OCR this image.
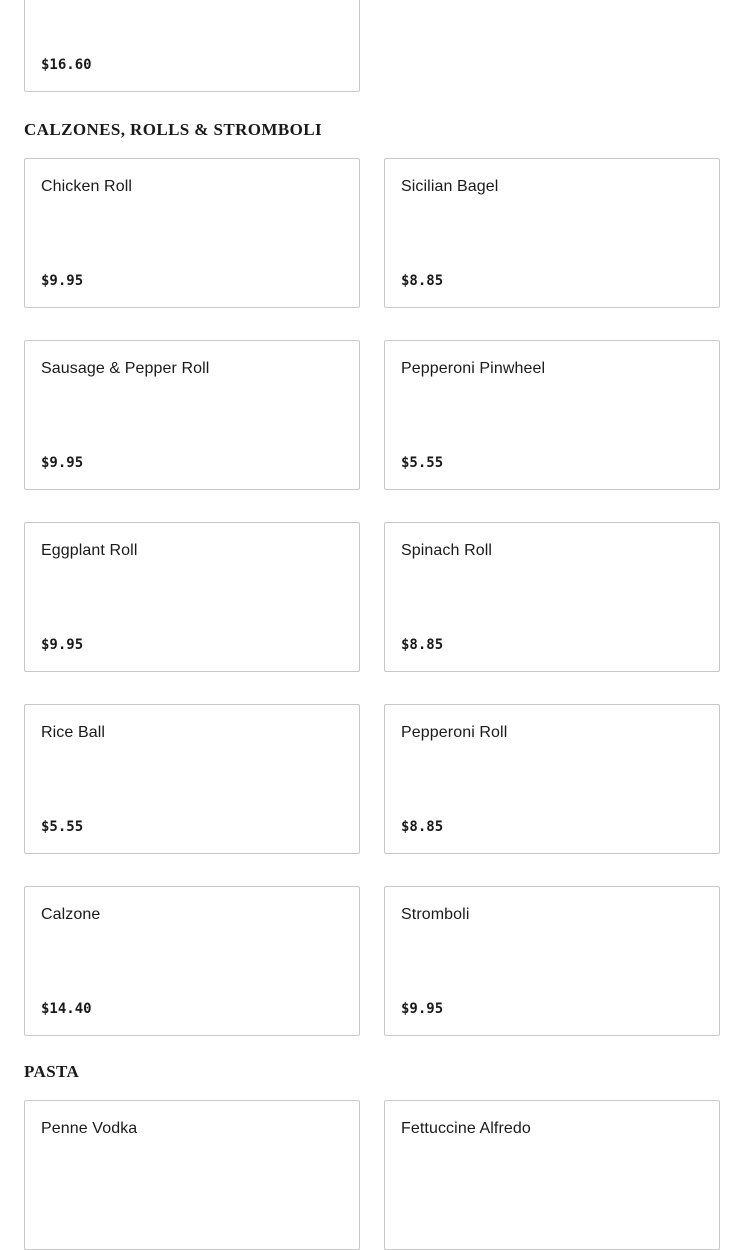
$16.60
CALZONES, ROLLS & STROMBOLI
Chicken Roll
$9.95
Sicilian Bagel
$8.85
Sausage & Pepper Roll
$9.95
Pepperoni Pinwheel
$5.55
Eggplant Roll
$9.95
Spinach Roll
$8.85
Rice Ball
$5.55
Pepperoni Roll
$8.85
Calzone
$14.40
Stromboli
$9.95
PASTA
Penne Vodka	Fettuccine Alfredo
